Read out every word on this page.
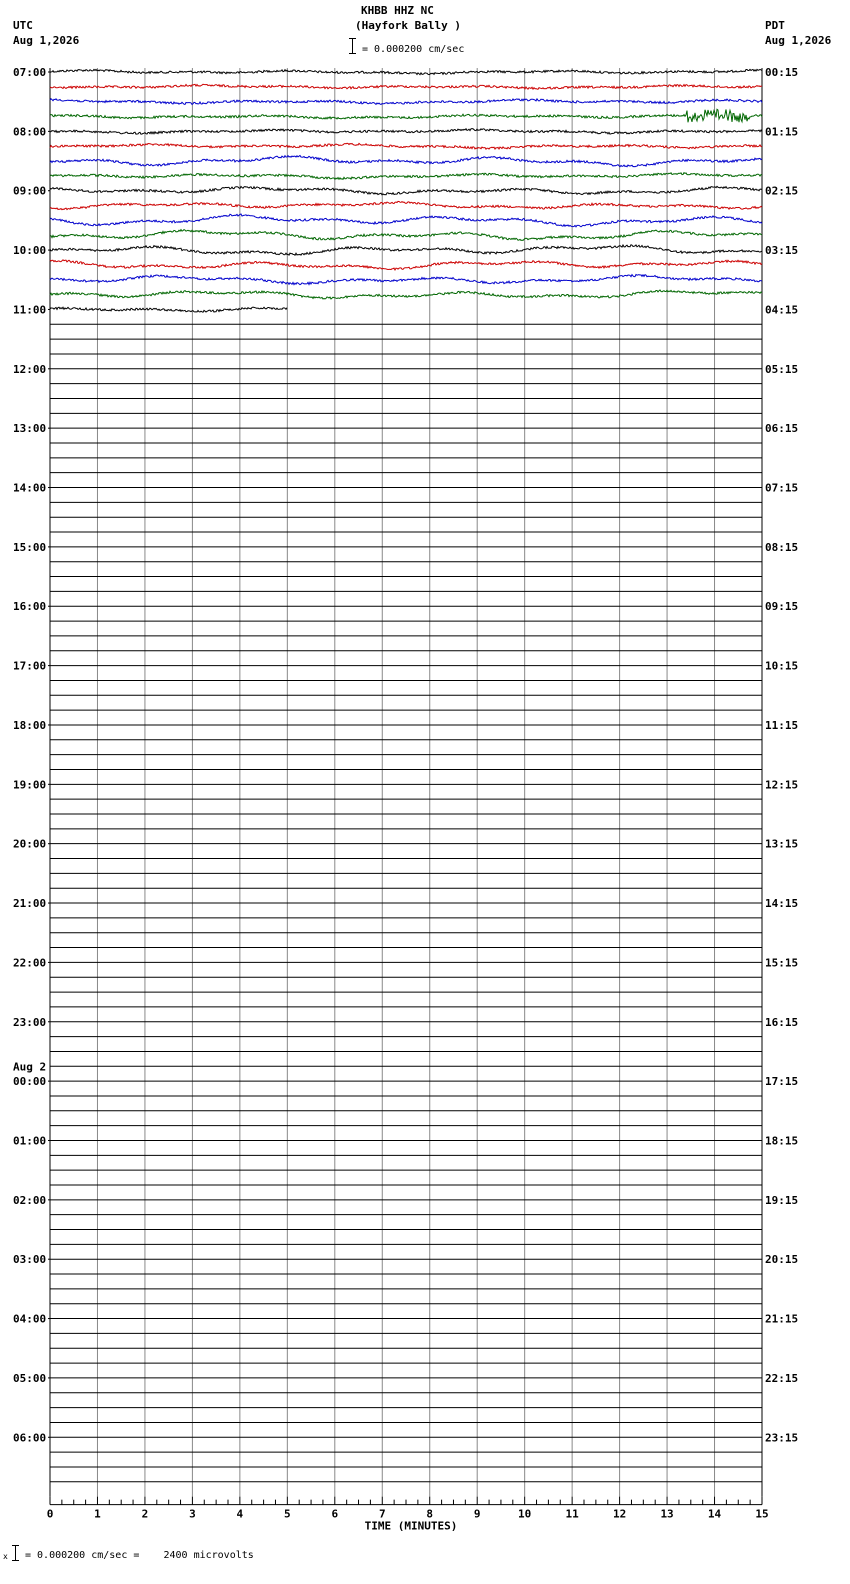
KHBB HHZ NC
(Hayfork Bally )
UTC
Aug 1,2026
PDT
Aug 1,2026
= 0.000200 cm/sec
07:00
08:00
09:00
10:00
11:00
12:00
13:00
14:00
15:00
16:00
17:00
18:00
19:00
20:00
21:00
22:00
23:00
00:00
01:00
02:00
03:00
04:00
05:00
06:00
Aug 2
00:15
01:15
02:15
03:15
04:15
05:15
06:15
07:15
08:15
09:15
10:15
11:15
12:15
13:15
14:15
15:15
16:15
17:15
18:15
19:15
20:15
21:15
22:15
23:15
0	1	2	3	4	5	6	7	8	9	10	11	12	13	14	15
TIME (MINUTES)
x = 0.000200 cm/sec =    2400 microvolts
